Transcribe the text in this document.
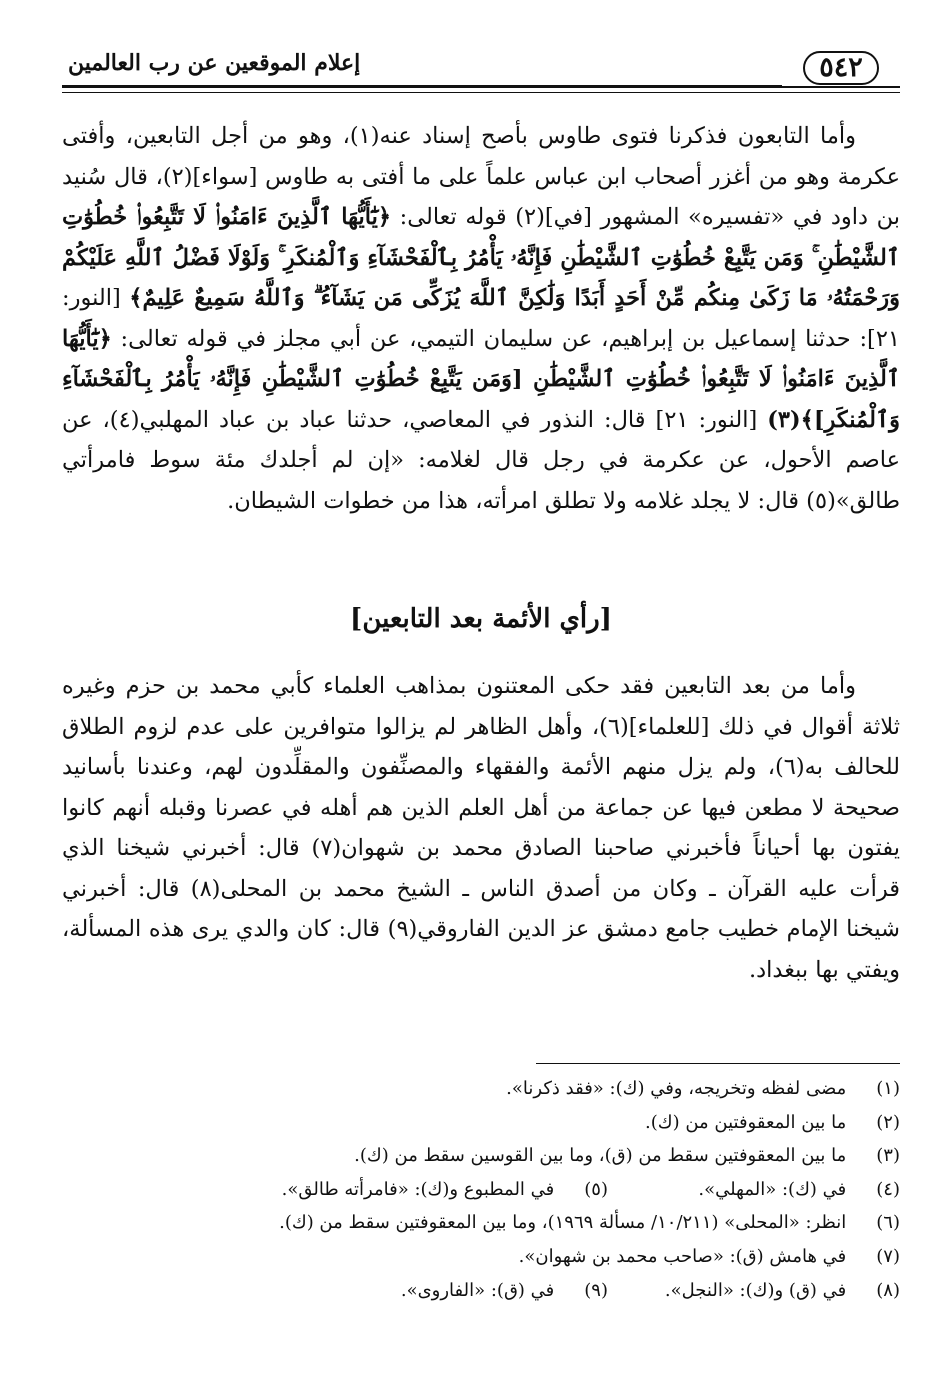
إعلام الموقعين عن رب العالمين	٥٤٢
وأما التابعون فذكرنا فتوى طاوس بأصح إسناد عنه(١)، وهو من أجل التابعين، وأفتى عكرمة وهو من أغزر أصحاب ابن عباس علماً على ما أفتى به طاوس [سواء](٢)، قال سُنيد بن داود في «تفسيره» المشهور [في](٢) قوله تعالى: ﴿يَٰٓأَيُّهَا ٱلَّذِينَ ءَامَنُوا۟ لَا تَتَّبِعُوا۟ خُطُوَٰتِ ٱلشَّيْطَٰنِ ۚ وَمَن يَتَّبِعْ خُطُوَٰتِ ٱلشَّيْطَٰنِ فَإِنَّهُۥ يَأْمُرُ بِٱلْفَحْشَآءِ وَٱلْمُنكَرِ ۚ وَلَوْلَا فَضْلُ ٱللَّهِ عَلَيْكُمْ وَرَحْمَتُهُۥ مَا زَكَىٰ مِنكُم مِّنْ أَحَدٍ أَبَدًا وَلَٰكِنَّ ٱللَّهَ يُزَكِّى مَن يَشَآءُ ۗ وَٱللَّهُ سَمِيعٌ عَلِيمٌ﴾ [النور: ٢١]: حدثنا إسماعيل بن إبراهيم، عن سليمان التيمي، عن أبي مجلز في قوله تعالى: ﴿يَٰٓأَيُّهَا ٱلَّذِينَ ءَامَنُوا۟ لَا تَتَّبِعُوا۟ خُطُوَٰتِ ٱلشَّيْطَٰنِ [وَمَن يَتَّبِعْ خُطُوَٰتِ ٱلشَّيْطَٰنِ فَإِنَّهُۥ يَأْمُرُ بِٱلْفَحْشَآءِ وَٱلْمُنكَرِ]﴾(٣) [النور: ٢١] قال: النذور في المعاصي، حدثنا عباد بن عباد المهلبي(٤)، عن عاصم الأحول، عن عكرمة في رجل قال لغلامه: «إن لم أجلدك مئة سوط فامرأتي طالق»(٥) قال: لا يجلد غلامه ولا تطلق امرأته، هذا من خطوات الشيطان.
[رأي الأئمة بعد التابعين]
وأما من بعد التابعين فقد حكى المعتنون بمذاهب العلماء كأبي محمد بن حزم وغيره ثلاثة أقوال في ذلك [للعلماء](٦)، وأهل الظاهر لم يزالوا متوافرين على عدم لزوم الطلاق للحالف به(٦)، ولم يزل منهم الأئمة والفقهاء والمصنِّفون والمقلِّدون لهم، وعندنا بأسانيد صحيحة لا مطعن فيها عن جماعة من أهل العلم الذين هم أهله في عصرنا وقبله أنهم كانوا يفتون بها أحياناً فأخبرني صاحبنا الصادق محمد بن شهوان(٧) قال: أخبرني شيخنا الذي قرأت عليه القرآن ـ وكان من أصدق الناس ـ الشيخ محمد بن المحلى(٨) قال: أخبرني شيخنا الإمام خطيب جامع دمشق عز الدين الفاروقي(٩) قال: كان والدي يرى هذه المسألة، ويفتي بها ببغداد.
(١) مضى لفظه وتخريجه، وفي (ك): «فقد ذكرنا».
(٢) ما بين المعقوفتين من (ك).
(٣) ما بين المعقوفتين سقط من (ق)، وما بين القوسين سقط من (ك).
(٤) في (ك): «المهلي».(٥) في المطبوع و(ك): «فامرأته طالق».
(٦) انظر: «المحلى» (١٠/٢١١/ مسألة ١٩٦٩)، وما بين المعقوفتين سقط من (ك).
(٧) في هامش (ق): «صاحب محمد بن شهوان».
(٨) في (ق) و(ك): «النجل».(٩) في (ق): «الفاروى».
